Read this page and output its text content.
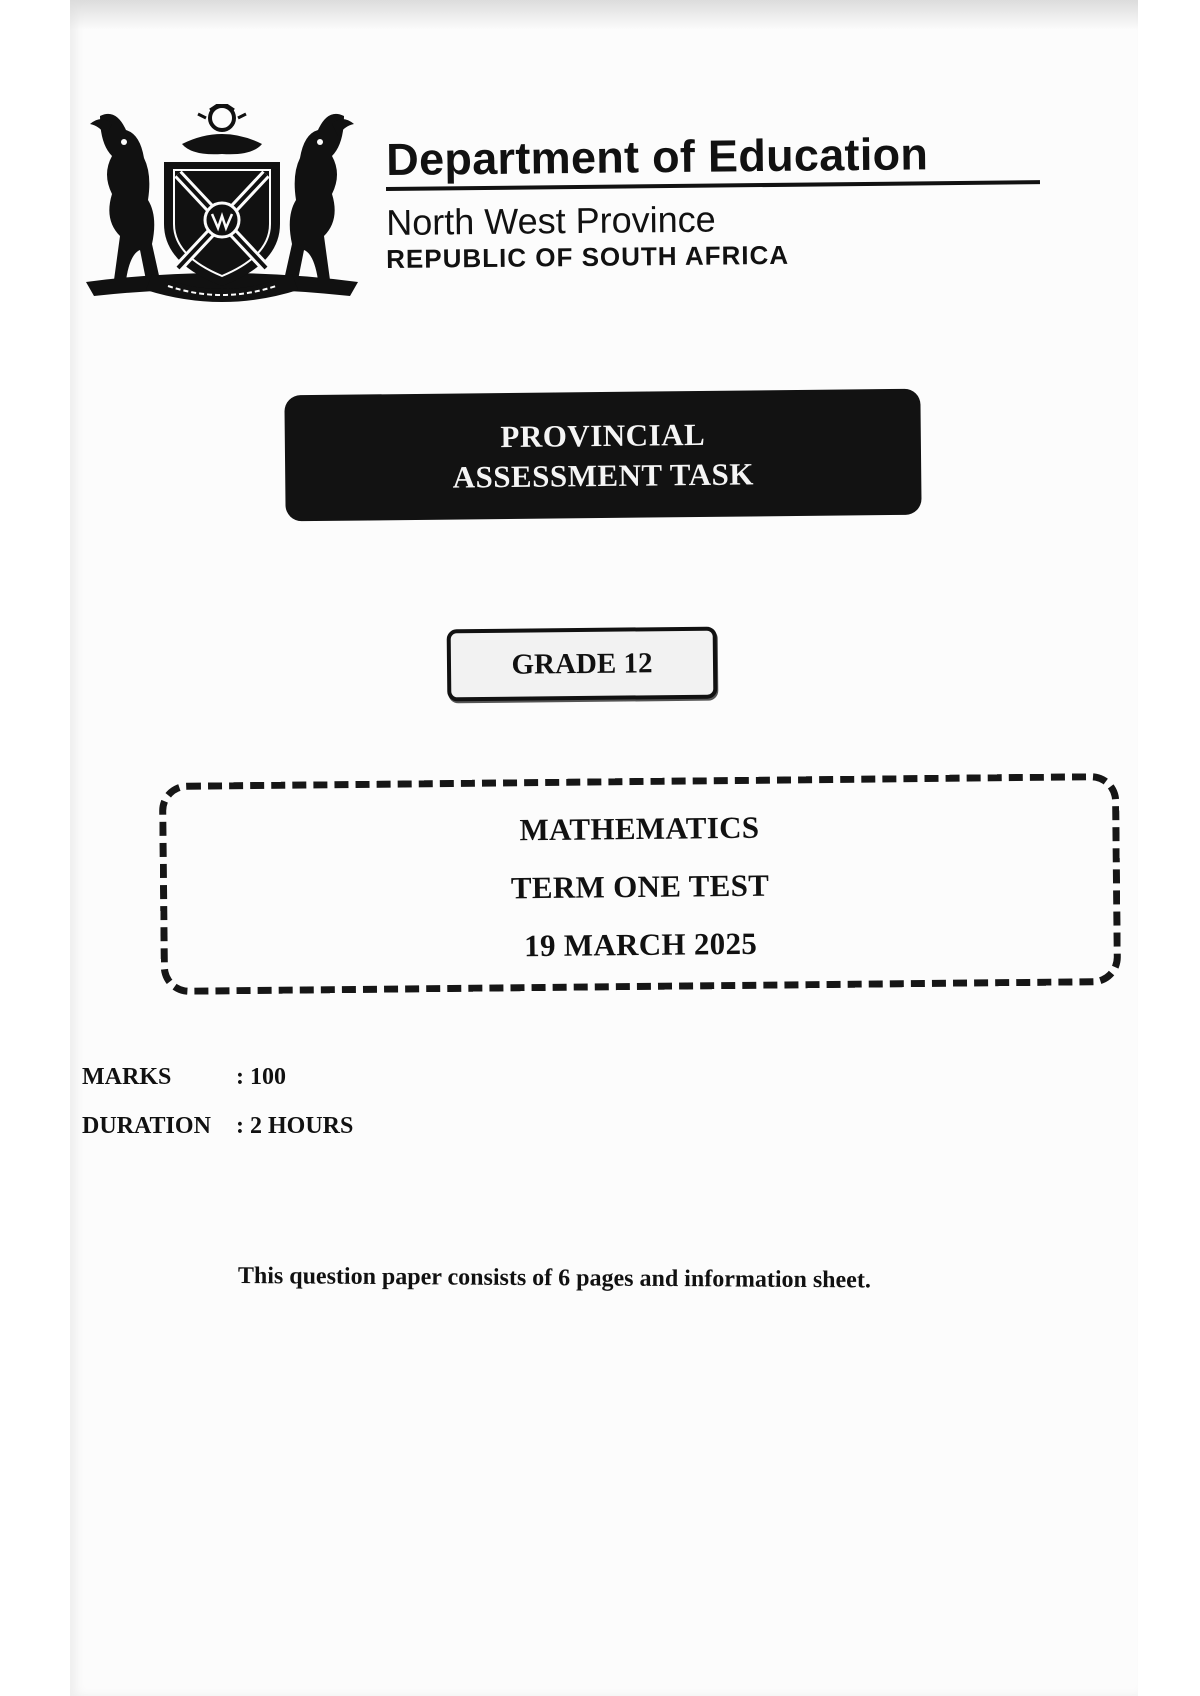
Department of Education
North West Province
REPUBLIC OF SOUTH AFRICA
PROVINCIAL
ASSESSMENT TASK
GRADE 12
MATHEMATICS
TERM ONE TEST
19 MARCH 2025
MARKS	: 100
DURATION : 2 HOURS
This question paper consists of 6 pages and information sheet.
